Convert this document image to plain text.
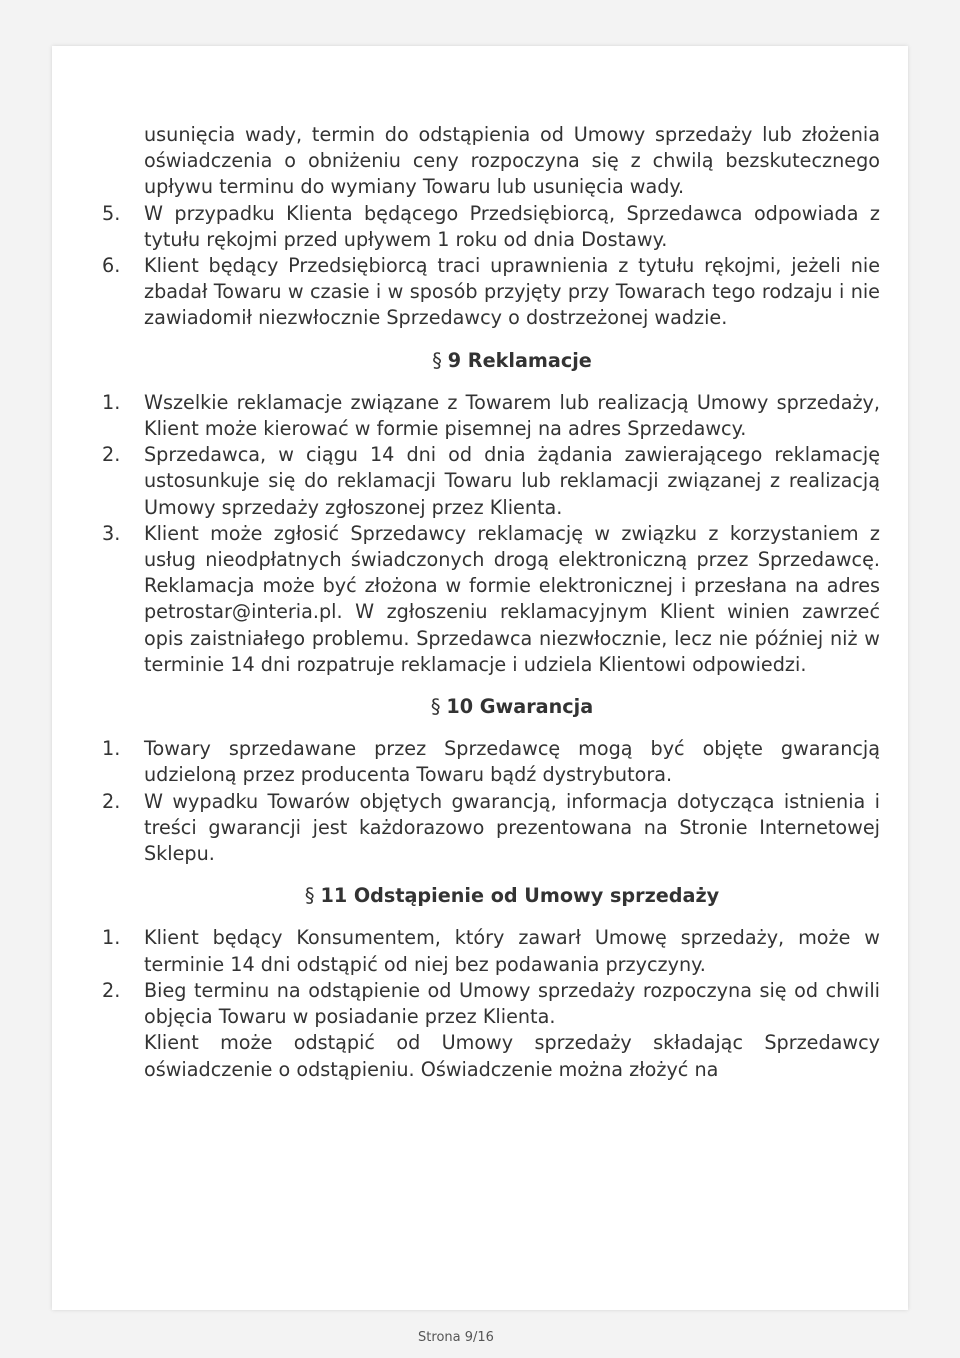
usunięcia wady, termin do odstąpienia od Umowy sprzedaży lub złożenia oświadczenia o obniżeniu ceny rozpoczyna się z chwilą bezskutecznego upływu terminu do wymiany Towaru lub usunięcia wady.

5.	W przypadku Klienta będącego Przedsiębiorcą, Sprzedawca odpowiada z tytułu rękojmi przed upływem 1 roku od dnia Dostawy.
6.	Klient będący Przedsiębiorcą traci uprawnienia z tytułu rękojmi, jeżeli nie zbadał Towaru w czasie i w sposób przyjęty przy Towarach tego rodzaju i nie zawiadomił niezwłocznie Sprzedawcy o dostrzeżonej wadzie.
§ 9 Reklamacje
1.	Wszelkie reklamacje związane z Towarem lub realizacją Umowy sprzedaży, Klient może kierować w formie pisemnej na adres Sprzedawcy.
2.	Sprzedawca, w ciągu 14 dni od dnia żądania zawierającego reklamację ustosunkuje się do reklamacji Towaru lub reklamacji związanej z realizacją Umowy sprzedaży zgłoszonej przez Klienta.
3.	Klient może zgłosić Sprzedawcy reklamację w związku z korzystaniem z usług nieodpłatnych świadczonych drogą elektroniczną przez Sprzedawcę. Reklamacja może być złożona w formie elektronicznej i przesłana na adres petrostar@interia.pl. W zgłoszeniu reklamacyjnym Klient winien zawrzeć opis zaistniałego problemu. Sprzedawca niezwłocznie, lecz nie później niż w terminie 14 dni rozpatruje reklamacje i udziela Klientowi odpowiedzi.
§ 10 Gwarancja
1.	Towary sprzedawane przez Sprzedawcę mogą być objęte gwarancją udzieloną przez producenta Towaru bądź dystrybutora.
2.	W wypadku Towarów objętych gwarancją, informacja dotycząca istnienia i treści gwarancji jest każdorazowo prezentowana na Stronie Internetowej Sklepu.
§ 11 Odstąpienie od Umowy sprzedaży
1.	Klient będący Konsumentem, który zawarł Umowę sprzedaży, może w terminie 14 dni odstąpić od niej bez podawania przyczyny.
2.	Bieg terminu na odstąpienie od Umowy sprzedaży rozpoczyna się od chwili objęcia Towaru w posiadanie przez Klienta.

Klient może odstąpić od Umowy sprzedaży składając Sprzedawcy oświadczenie o odstąpieniu. Oświadczenie można złożyć na

Strona 9/16
